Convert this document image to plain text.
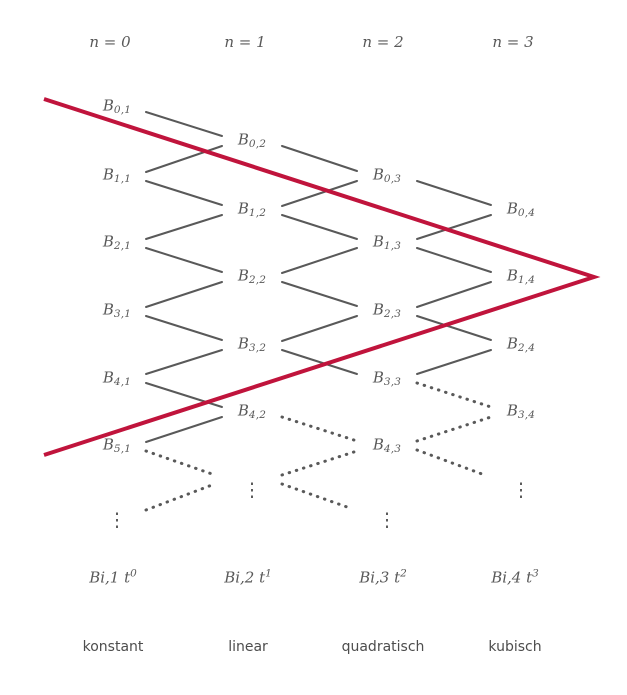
n = 0	n = 1	n = 2	n = 3
$B_{0,1}$
$B_{1,1}$
$B_{2,1}$
$B_{3,1}$
$B_{4,1}$
$B_{5,1}$
$B_{0,2}$
$B_{1,2}$
$B_{2,2}$
$B_{3,2}$
$B_{4,2}$
$B_{0,3}$
$B_{1,3}$
$B_{2,3}$
$B_{3,3}$
$B_{4,3}$
$B_{0,4}$
$B_{1,4}$
$B_{2,4}$
$B_{3,4}$
⋮
⋮	⋮
⋮
Bi,1 $t^0$	Bi,2 $t^1$	Bi,3 $t^2$	Bi,4 $t^3$
konstant	linear	quadratisch	kubisch
